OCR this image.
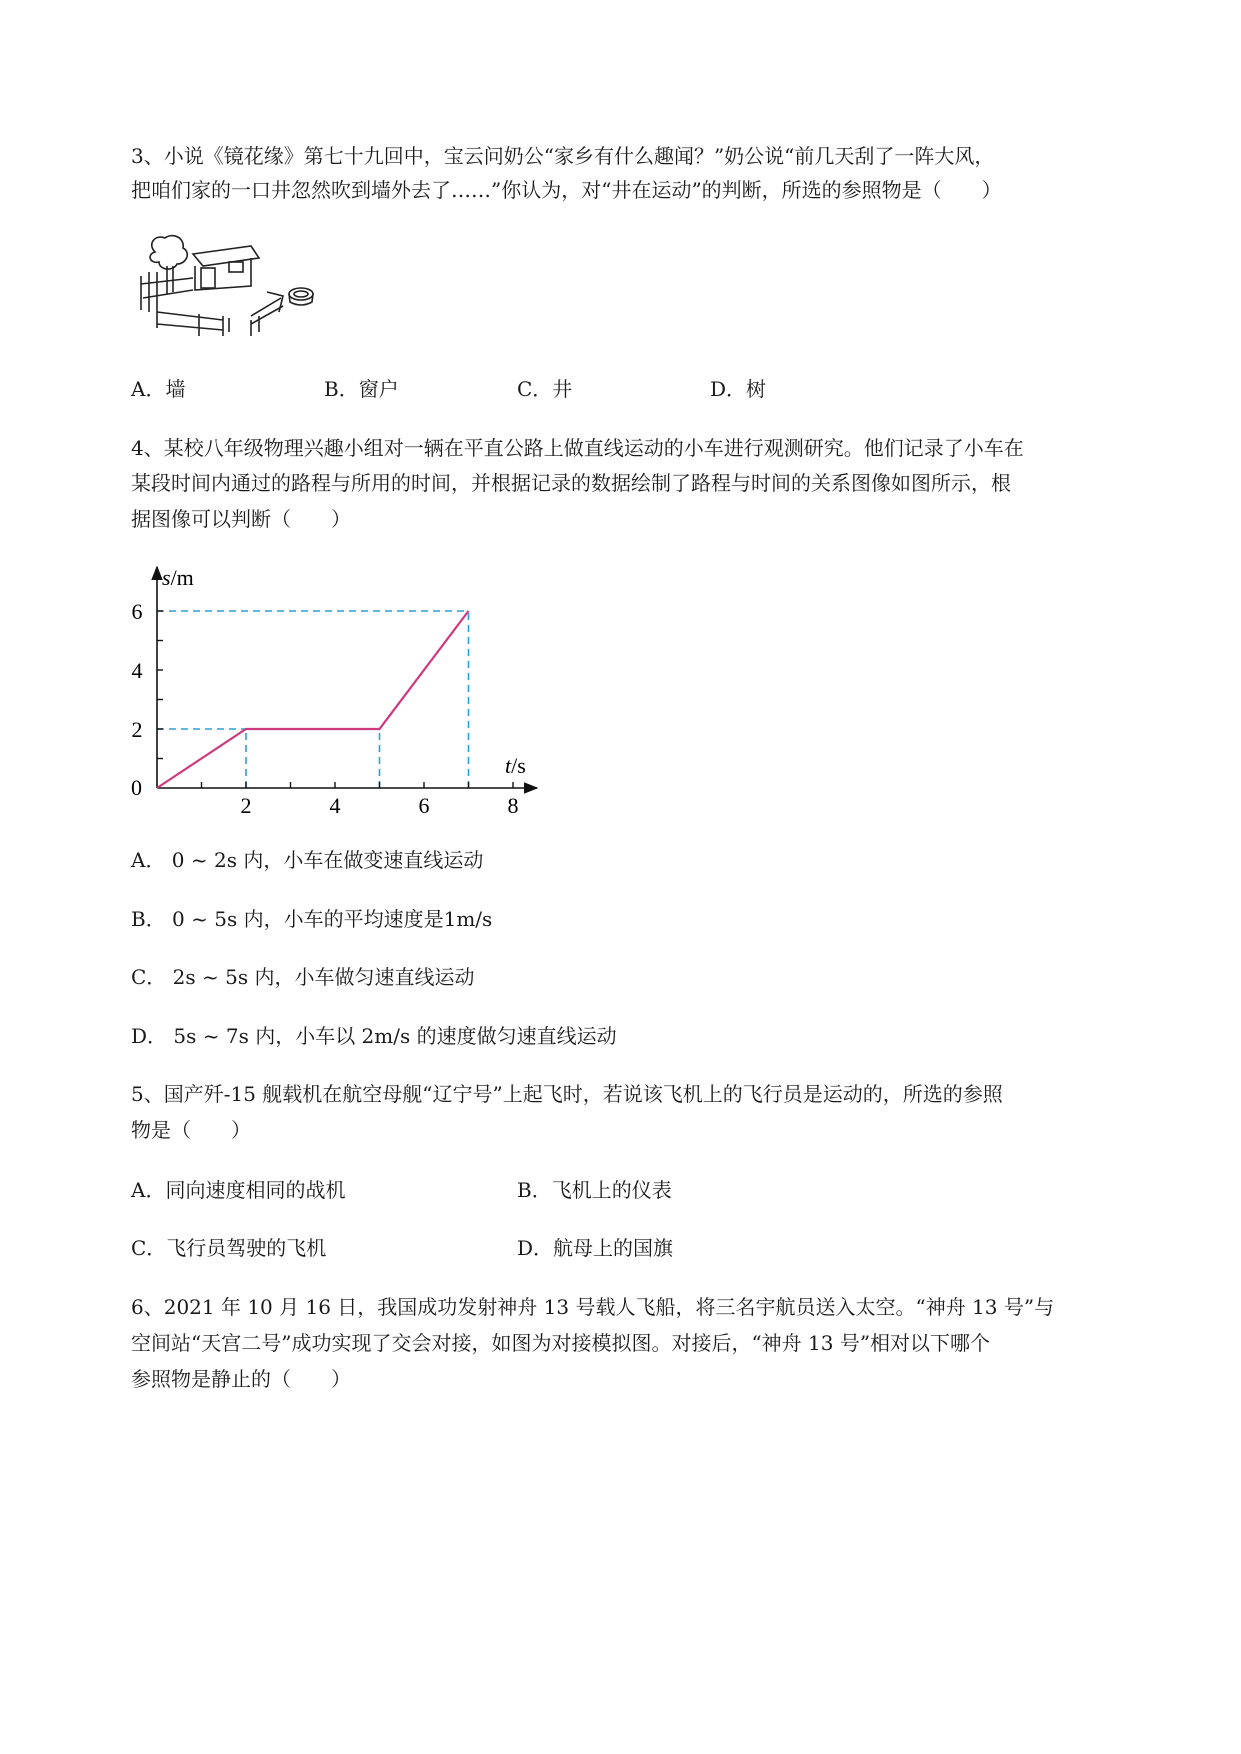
3、小说《镜花缘》第七十九回中，宝云问奶公“家乡有什么趣闻？”奶公说“前几天刮了一阵大风，
把咱们家的一口井忽然吹到墙外去了……”你认为，对“井在运动”的判断，所选的参照物是（　　）
A．墙	B．窗户	C．井	D．树
4、某校八年级物理兴趣小组对一辆在平直公路上做直线运动的小车进行观测研究。他们记录了小车在
某段时间内通过的路程与所用的时间，并根据记录的数据绘制了路程与时间的关系图像如图所示，根
据图像可以判断（　　）
2	4	6	8
2
4
6
0
s/m
t/s
A． 0 ~ 2s 内，小车在做变速直线运动
B． 0 ~ 5s 内，小车的平均速度是1m/s
C． 2s ~ 5s 内，小车做匀速直线运动
D． 5s ~ 7s 内，小车以 2m/s 的速度做匀速直线运动
5、国产歼-15 舰载机在航空母舰“辽宁号”上起飞时，若说该飞机上的飞行员是运动的，所选的参照
物是（　　）
A．同向速度相同的战机	B．飞机上的仪表
C．飞行员驾驶的飞机	D．航母上的国旗
6、2021 年 10 月 16 日，我国成功发射神舟 13 号载人飞船，将三名宇航员送入太空。“神舟 13 号”与
空间站“天宫二号”成功实现了交会对接，如图为对接模拟图。对接后，“神舟 13 号”相对以下哪个
参照物是静止的（　　）
